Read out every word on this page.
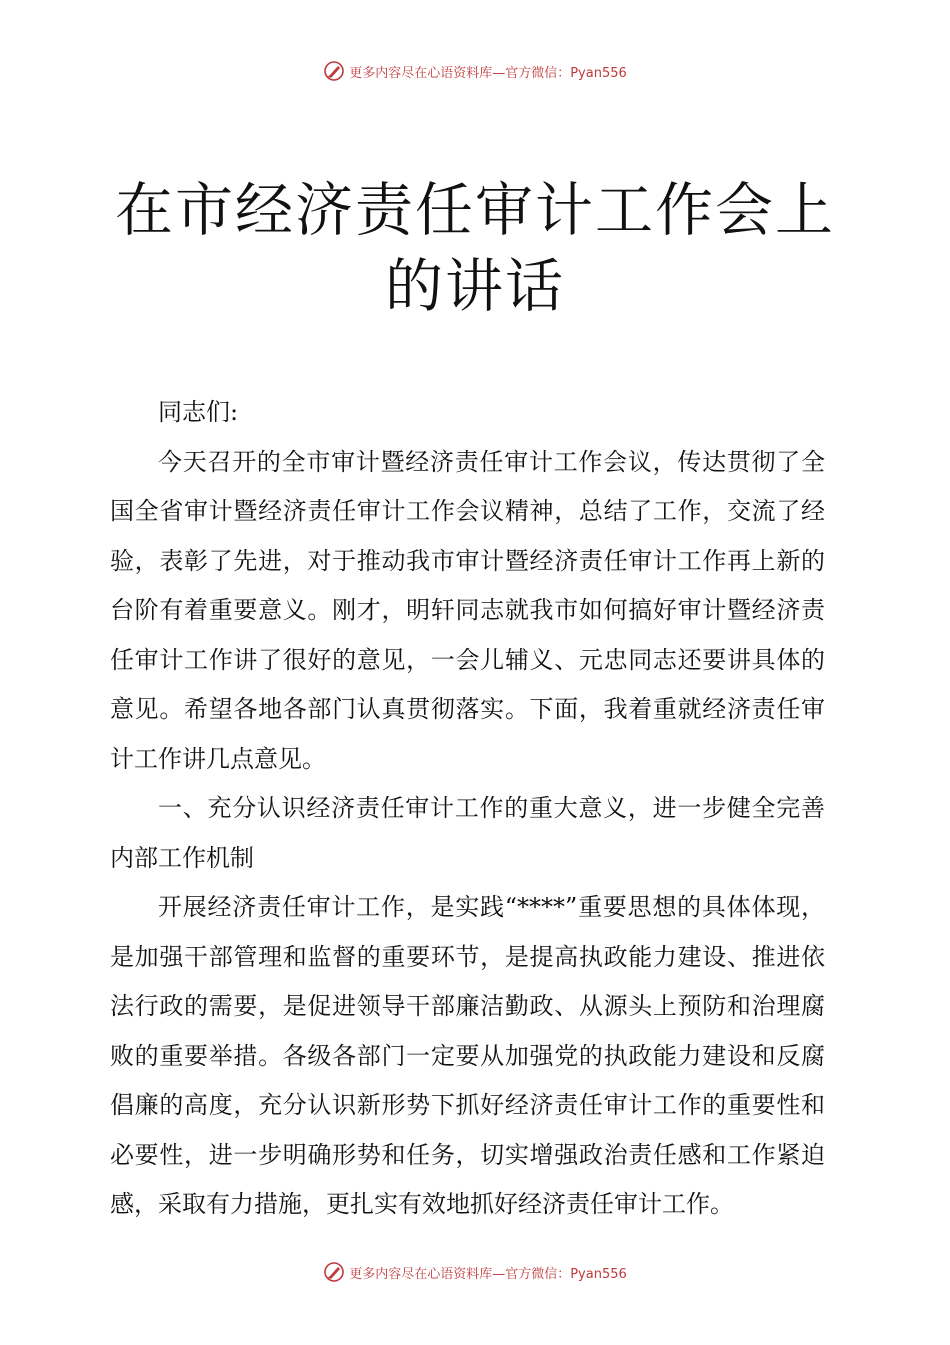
更多内容尽在心语资料库—官方微信：Pyan556
在市经济责任审计工作会上的讲话

同志们:

今天召开的全市审计暨经济责任审计工作会议，传达贯彻了全国全省审计暨经济责任审计工作会议精神，总结了工作，交流了经验，表彰了先进，对于推动我市审计暨经济责任审计工作再上新的台阶有着重要意义。刚才，明轩同志就我市如何搞好审计暨经济责任审计工作讲了很好的意见，一会儿辅义、元忠同志还要讲具体的意见。希望各地各部门认真贯彻落实。下面，我着重就经济责任审计工作讲几点意见。

一、充分认识经济责任审计工作的重大意义，进一步健全完善内部工作机制

开展经济责任审计工作，是实践“****”重要思想的具体体现，是加强干部管理和监督的重要环节，是提高执政能力建设、推进依法行政的需要，是促进领导干部廉洁勤政、从源头上预防和治理腐败的重要举措。各级各部门一定要从加强党的执政能力建设和反腐倡廉的高度，充分认识新形势下抓好经济责任审计工作的重要性和必要性，进一步明确形势和任务，切实增强政治责任感和工作紧迫感，采取有力措施，更扎实有效地抓好经济责任审计工作。

更多内容尽在心语资料库—官方微信：Pyan556
